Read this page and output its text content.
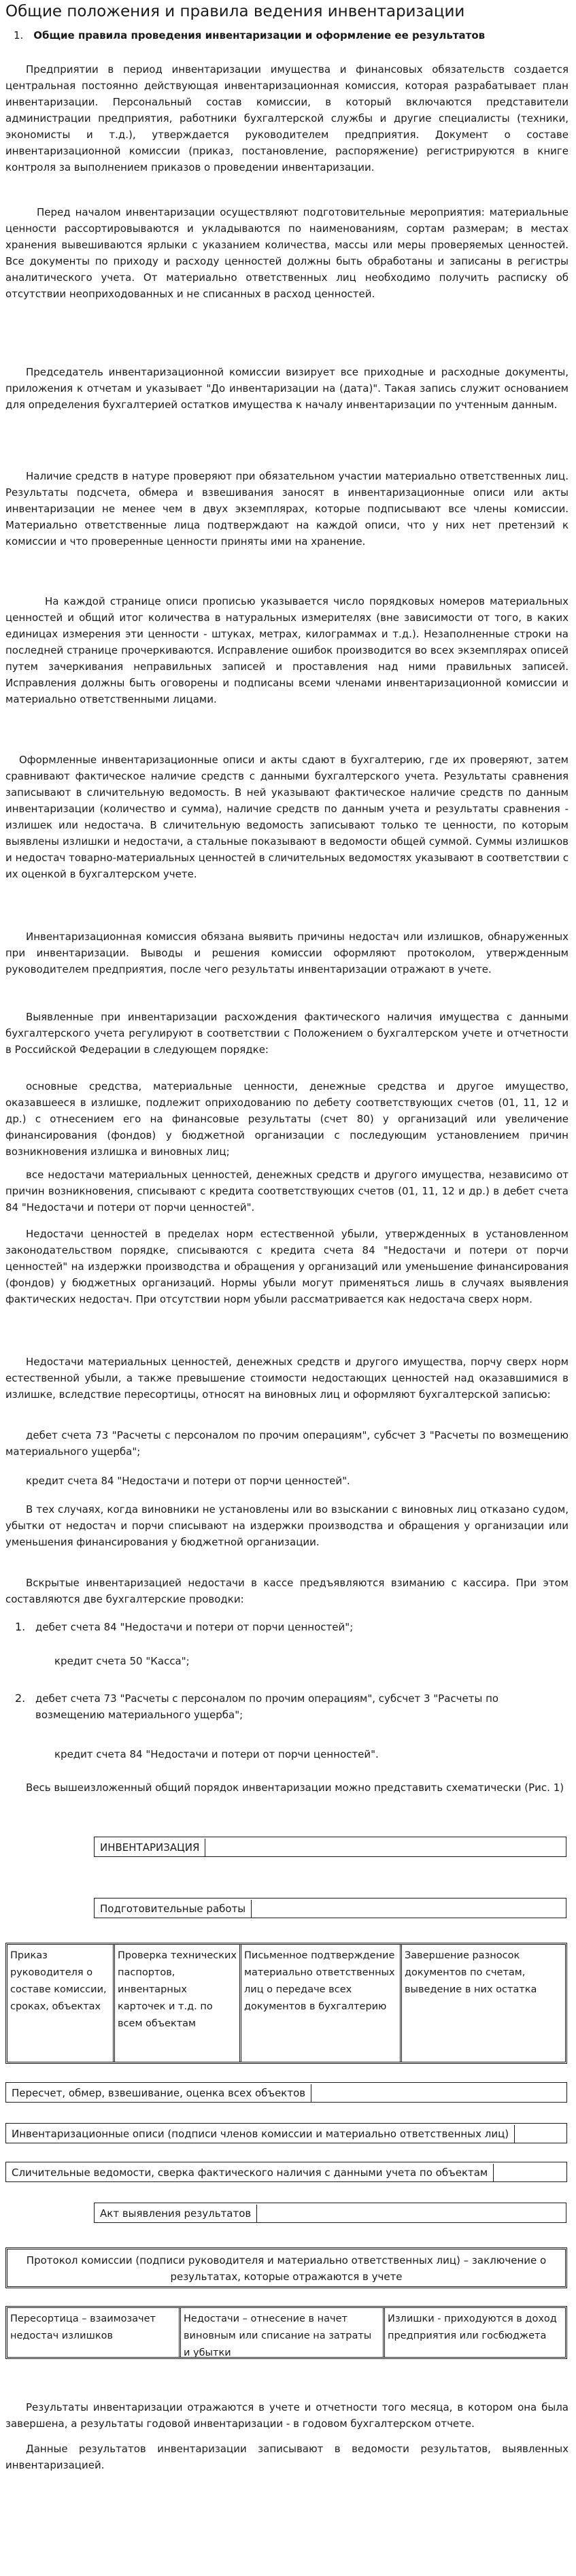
Общие положения и правила ведения инвентаризации
1. Общие правила проведения инвентаризации и оформление ее результатов
Предприятии в период инвентаризации имущества и финансовых обязательств создается центральная постоянно действующая инвентаризационная комиссия, которая разрабатывает план инвентаризации. Персональный состав комиссии, в который включаются представители администрации предприятия, работники бухгалтерской службы и другие специалисты (техники, экономисты и т.д.), утверждается руководителем предприятия. Документ о составе инвентаризационной комиссии (приказ, постановление, распоряжение) регистрируются в книге контроля за выполнением приказов о проведении инвентаризации.
Перед началом инвентаризации осуществляют подготовительные мероприятия: материальные ценности рассортировываются и укладываются по наименованиям, сортам размерам; в местах хранения вывешиваются ярлыки с указанием количества, массы или меры проверяемых ценностей. Все документы по приходу и расходу ценностей должны быть обработаны и записаны в регистры аналитического учета. От материально ответственных лиц необходимо получить расписку об отсутствии неоприходованных и не списанных в расход ценностей.
Председатель инвентаризационной комиссии визирует все приходные и расходные документы, приложения к отчетам и указывает "До инвентаризации на (дата)". Такая запись служит основанием для определения бухгалтерией остатков имущества к началу инвентаризации по учтенным данным.
Наличие средств в натуре проверяют при обязательном участии материально ответственных лиц. Результаты подсчета, обмера и взвешивания заносят в инвентаризационные описи или акты инвентаризации не менее чем в двух экземплярах, которые подписывают все члены комиссии. Материально ответственные лица подтверждают на каждой описи, что у них нет претензий к комиссии и что проверенные ценности приняты ими на хранение.
На каждой странице описи прописью указывается число порядковых номеров материальных ценностей и общий итог количества в натуральных измерителях (вне зависимости от того, в каких единицах измерения эти ценности - штуках, метрах, килограммах и т.д.). Незаполненные строки на последней странице прочеркиваются. Исправление ошибок производится во всех экземплярах описей путем зачеркивания неправильных записей и проставления над ними правильных записей. Исправления должны быть оговорены и подписаны всеми членами инвентаризационной комиссии и материально ответственными лицами.
Оформленные инвентаризационные описи и акты сдают в бухгалтерию, где их проверяют, затем сравнивают фактическое наличие средств с данными бухгалтерского учета. Результаты сравнения записывают в сличительную ведомость. В ней указывают фактическое наличие средств по данным инвентаризации (количество и сумма), наличие средств по данным учета и результаты сравнения - излишек или недостача. В сличительную ведомость записывают только те ценности, по которым выявлены излишки и недостачи, а стальные показывают в ведомости общей суммой. Суммы излишков и недостач товарно-материальных ценностей в сличительных ведомостях указывают в соответствии с их оценкой в бухгалтерском учете.
Инвентаризационная комиссия обязана выявить причины недостач или излишков, обнаруженных при инвентаризации. Выводы и решения комиссии оформляют протоколом, утвержденным руководителем предприятия, после чего результаты инвентаризации отражают в учете.
Выявленные при инвентаризации расхождения фактического наличия имущества с данными бухгалтерского учета регулируют в соответствии с Положением о бухгалтерском учете и отчетности в Российской Федерации в следующем порядке:
основные средства, материальные ценности, денежные средства и другое имущество, оказавшееся в излишке, подлежит оприходованию по дебету соответствующих счетов (01, 11, 12 и др.) с отнесением его на финансовые результаты (счет 80) у организаций или увеличение финансирования (фондов) у бюджетной организации с последующим установлением причин возникновения излишка и виновных лиц;
все недостачи материальных ценностей, денежных средств и другого имущества, независимо от причин возникновения, списывают с кредита соответствующих счетов (01, 11, 12 и др.) в дебет счета 84 "Недостачи и потери от порчи ценностей".
Недостачи ценностей в пределах норм естественной убыли, утвержденных в установленном законодательством порядке, списываются с кредита счета 84 "Недостачи и потери от порчи ценностей" на издержки производства и обращения у организаций или уменьшение финансирования (фондов) у бюджетных организаций. Нормы убыли могут применяться лишь в случаях выявления фактических недостач. При отсутствии норм убыли рассматривается как недостача сверх норм.
Недостачи материальных ценностей, денежных средств и другого имущества, порчу сверх норм естественной убыли, а также превышение стоимости недостающих ценностей над оказавшимися в излишке, вследствие пересортицы, относят на виновных лиц и оформляют бухгалтерской записью:
дебет счета 73 "Расчеты с персоналом по прочим операциям", субсчет 3 "Расчеты по возмещению материального ущерба";
кредит счета 84 "Недостачи и потери от порчи ценностей".
В тех случаях, когда виновники не установлены или во взыскании с виновных лиц отказано судом, убытки от недостач и порчи списывают на издержки производства и обращения у организации или уменьшения финансирования у бюджетной организации.
Вскрытые инвентаризацией недостачи в кассе предъявляются взиманию с кассира. При этом составляются две бухгалтерские проводки:
1. дебет счета 84 "Недостачи и потери от порчи ценностей";
кредит счета 50 "Касса";
2. дебет счета 73 "Расчеты с персоналом по прочим операциям", субсчет 3 "Расчеты по возмещению материального ущерба";
кредит счета 84 "Недостачи и потери от порчи ценностей".
Весь вышеизложенный общий порядок инвентаризации можно представить схематически (Рис. 1)
ИНВЕНТАРИЗАЦИЯ
Подготовительные работы
Приказ руководителя о составе комиссии, сроках, объектах
Проверка технических паспортов, инвентарных карточек и т.д. по всем объектам
Письменное подтверждение материально ответственных лиц о передаче всех документов в бухгалтерию
Завершение разносок документов по счетам, выведение в них остатка
Пересчет, обмер, взвешивание, оценка всех объектов
Инвентаризационные описи (подписи членов комиссии и материально ответственных лиц)
Сличительные ведомости, сверка фактического наличия с данными учета по объектам
Акт выявления результатов
Протокол комиссии (подписи руководителя и материально ответственных лиц) – заключение о результатах, которые отражаются в учете
Пересортица – взаимозачет недостач излишков
Недостачи – отнесение в начет виновным или списание на затраты и убытки
Излишки - приходуются в доход предприятия или госбюджета
Результаты инвентаризации отражаются в учете и отчетности того месяца, в котором она была завершена, а результаты годовой инвентаризации - в годовом бухгалтерском отчете.
Данные результатов инвентаризации записывают в ведомости результатов, выявленных инвентаризацией.
